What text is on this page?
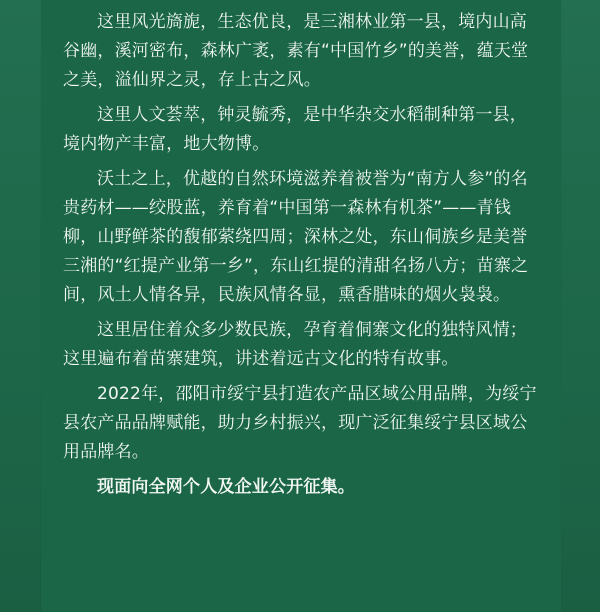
这里风光旖旎，生态优良，是三湘林业第一县，境内山高谷幽，溪河密布，森林广袤，素有“中国竹乡”的美誉，蕴天堂之美，溢仙界之灵，存上古之风。

这里人文荟萃，钟灵毓秀，是中华杂交水稻制种第一县，境内物产丰富，地大物博。

沃土之上，优越的自然环境滋养着被誉为“南方人参”的名贵药材——绞股蓝，养育着“中国第一森林有机茶”——青钱柳，山野鲜茶的馥郁萦绕四周；深林之处，东山侗族乡是美誉三湘的“红提产业第一乡”，东山红提的清甜名扬八方；苗寨之间，风土人情各异，民族风情各显，熏香腊味的烟火袅袅。

这里居住着众多少数民族，孕育着侗寨文化的独特风情；这里遍布着苗寨建筑，讲述着远古文化的特有故事。

2022年，邵阳市绥宁县打造农产品区域公用品牌，为绥宁县农产品品牌赋能，助力乡村振兴，现广泛征集绥宁县区域公用品牌名。

现面向全网个人及企业公开征集。
